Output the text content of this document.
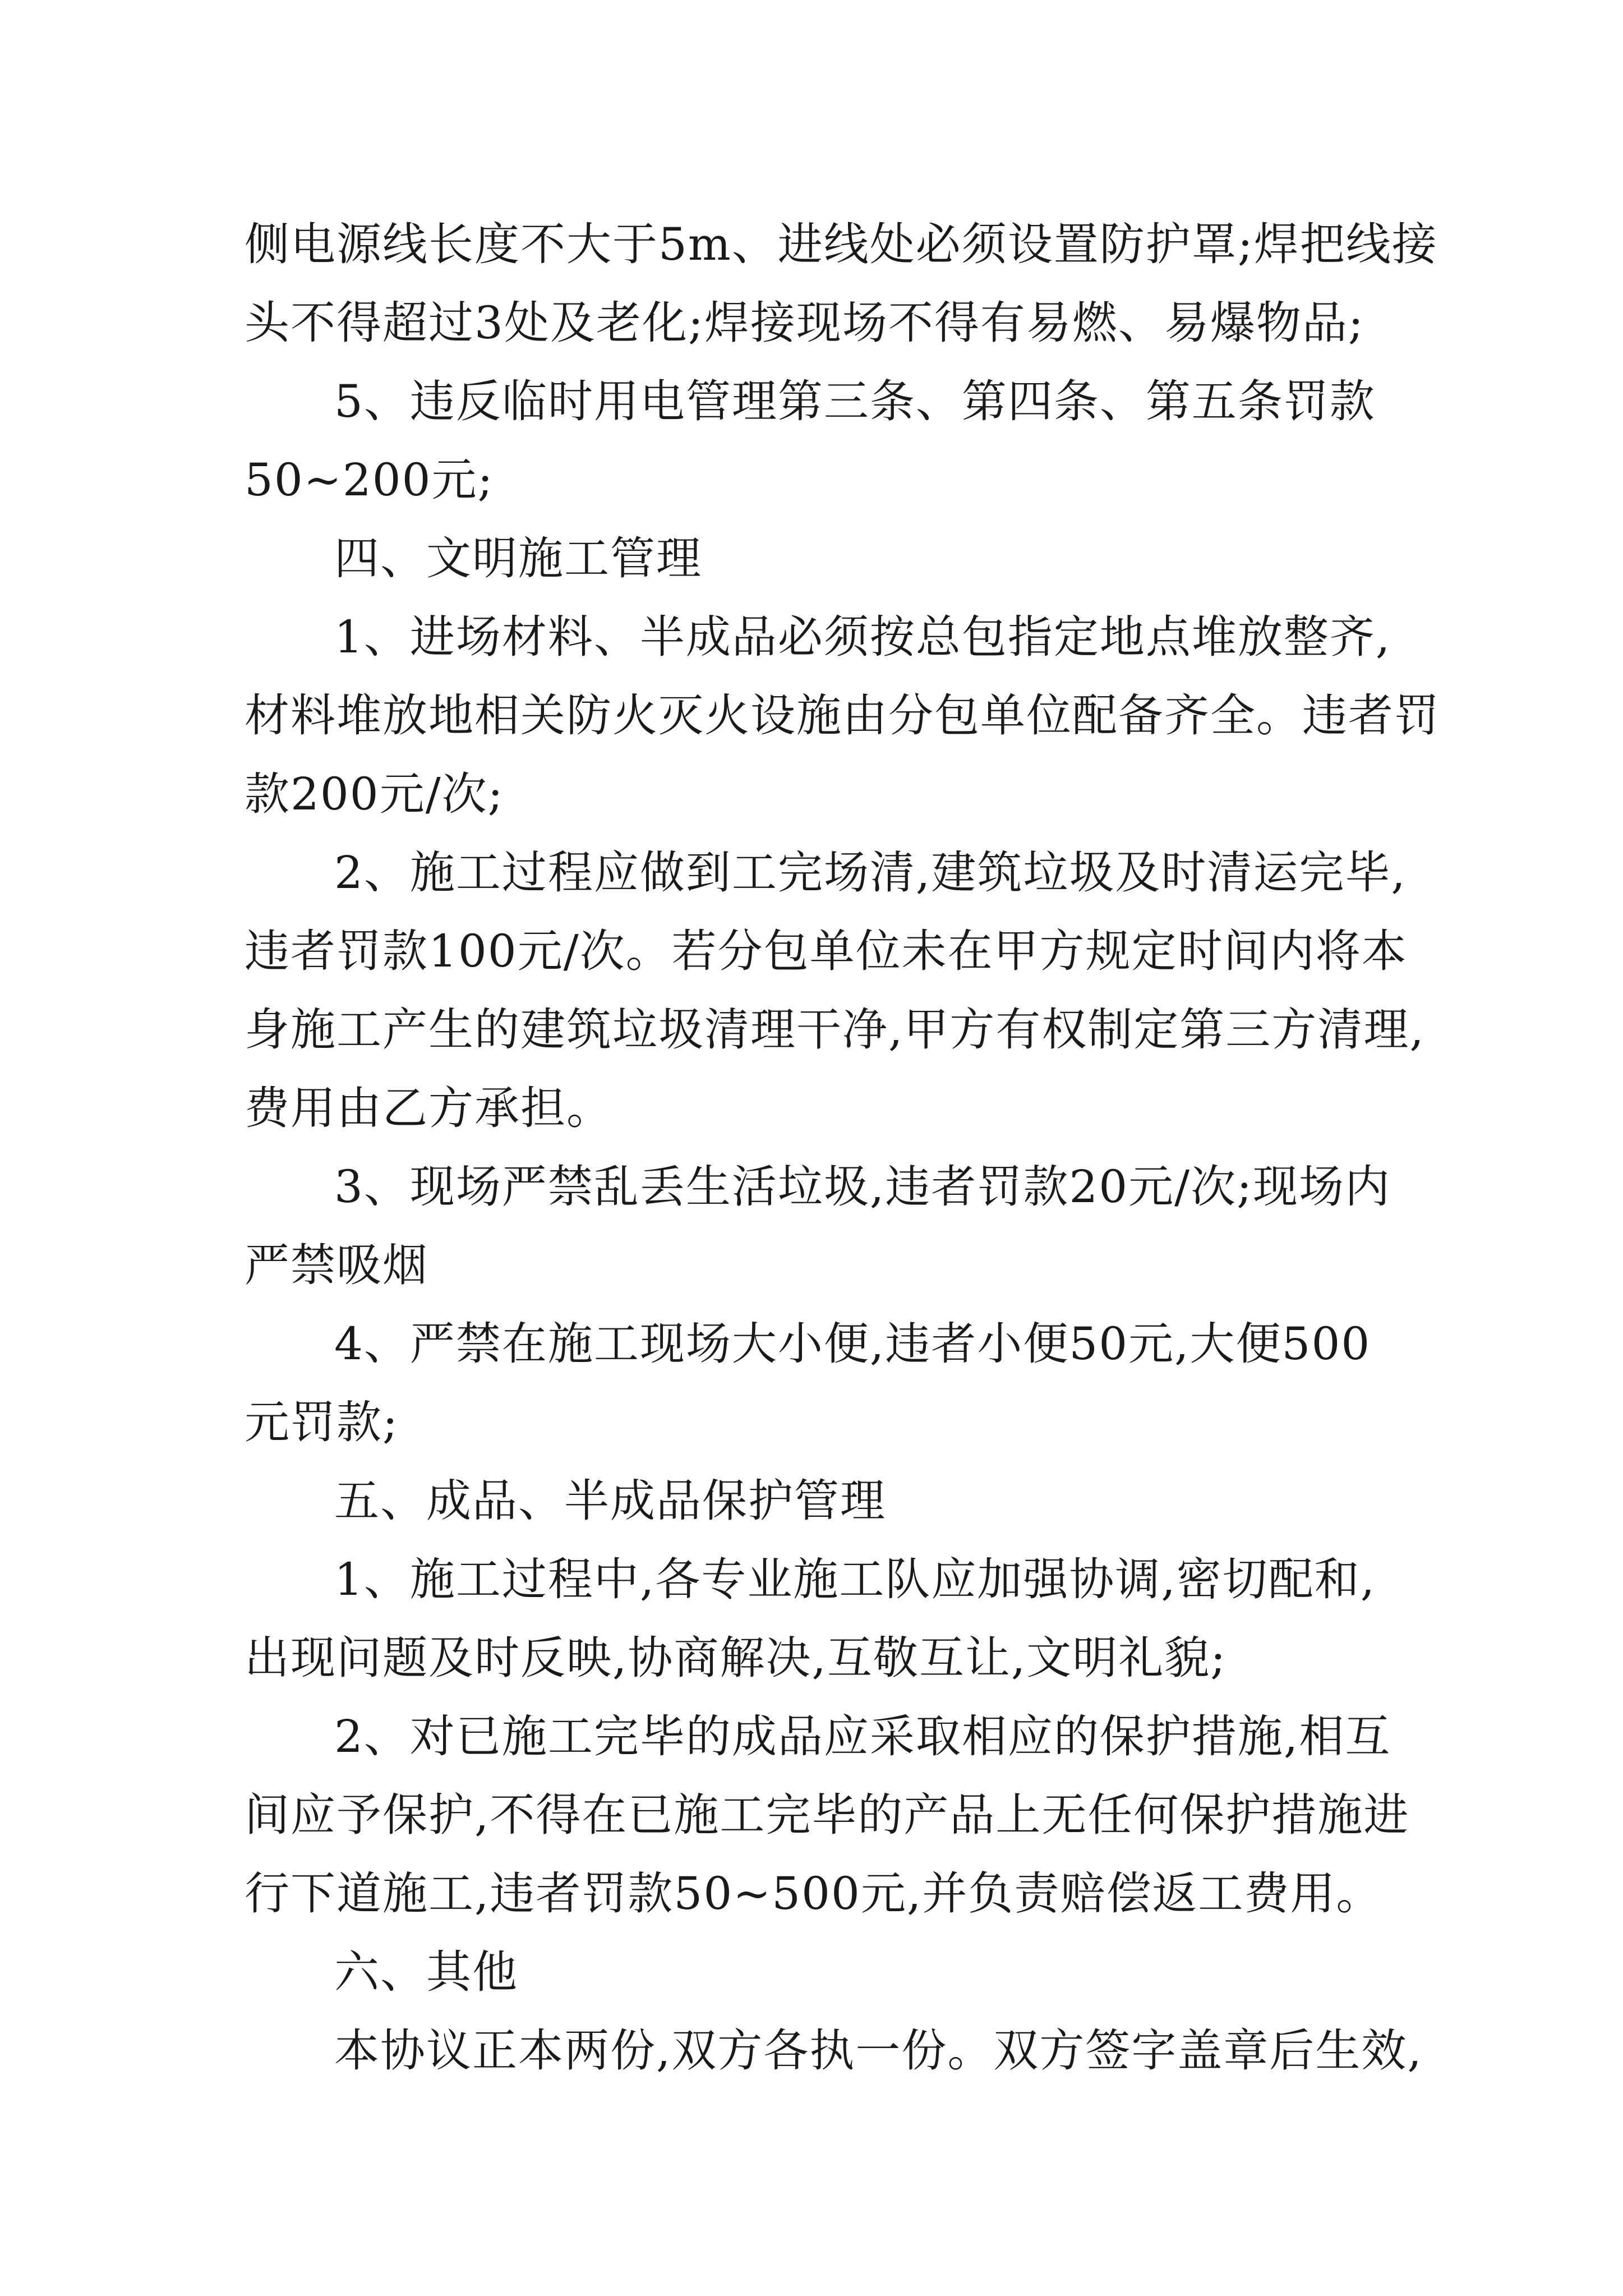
侧电源线长度不大于5m、进线处必须设置防护罩;焊把线接
头不得超过3处及老化;焊接现场不得有易燃、易爆物品;
5、违反临时用电管理第三条、第四条、第五条罚款
50~200元;
四、文明施工管理
1、进场材料、半成品必须按总包指定地点堆放整齐,
材料堆放地相关防火灭火设施由分包单位配备齐全。违者罚
款200元/次;
2、施工过程应做到工完场清,建筑垃圾及时清运完毕,
违者罚款100元/次。若分包单位未在甲方规定时间内将本
身施工产生的建筑垃圾清理干净,甲方有权制定第三方清理,
费用由乙方承担。
3、现场严禁乱丢生活垃圾,违者罚款20元/次;现场内
严禁吸烟
4、严禁在施工现场大小便,违者小便50元,大便500
元罚款;
五、成品、半成品保护管理
1、施工过程中,各专业施工队应加强协调,密切配和,
出现问题及时反映,协商解决,互敬互让,文明礼貌;
2、对已施工完毕的成品应采取相应的保护措施,相互
间应予保护,不得在已施工完毕的产品上无任何保护措施进
行下道施工,违者罚款50~500元,并负责赔偿返工费用。
六、其他
本协议正本两份,双方各执一份。双方签字盖章后生效,
